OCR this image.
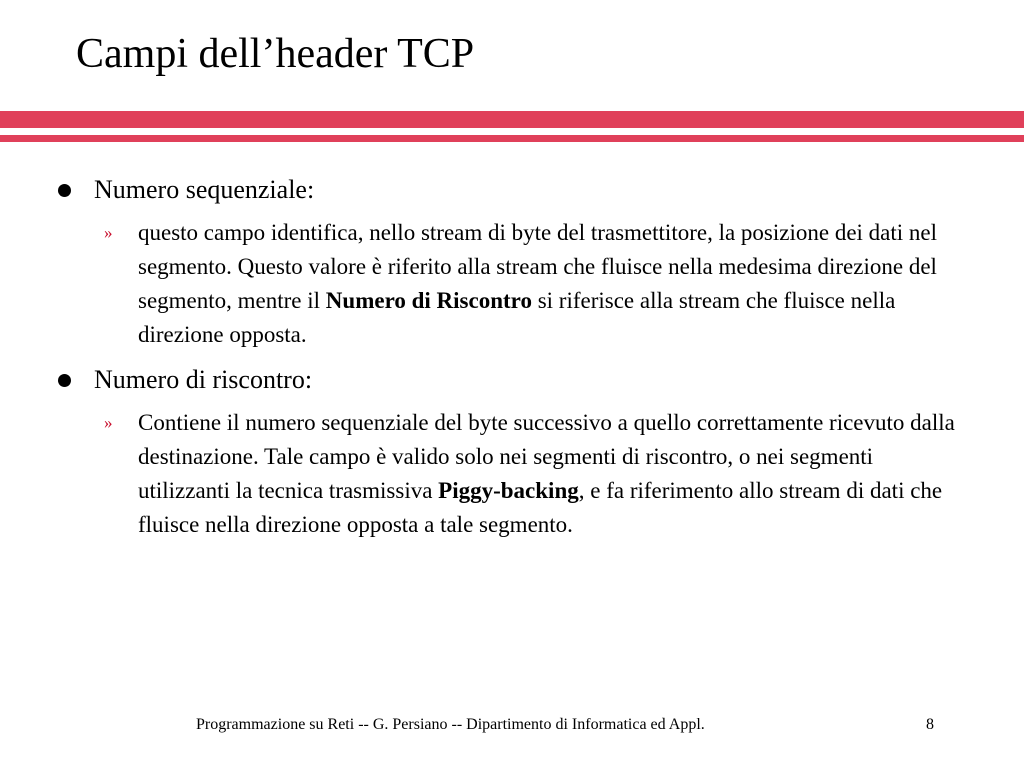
Campi dell’header TCP
Numero sequenziale:
»	questo campo identifica, nello stream di byte del trasmettitore, la posizione dei dati nel segmento. Questo valore è riferito alla stream che fluisce nella medesima direzione del segmento, mentre il Numero di Riscontro si riferisce alla stream che fluisce nella direzione opposta.
Numero di riscontro:
»	Contiene il numero sequenziale del byte successivo a quello correttamente ricevuto dalla destinazione. Tale campo è valido solo nei segmenti di riscontro, o nei segmenti utilizzanti la tecnica trasmissiva Piggy-backing, e fa riferimento allo stream di dati che fluisce nella direzione opposta a tale segmento.
Programmazione su Reti -- G. Persiano -- Dipartimento di Informatica ed Appl.	8
